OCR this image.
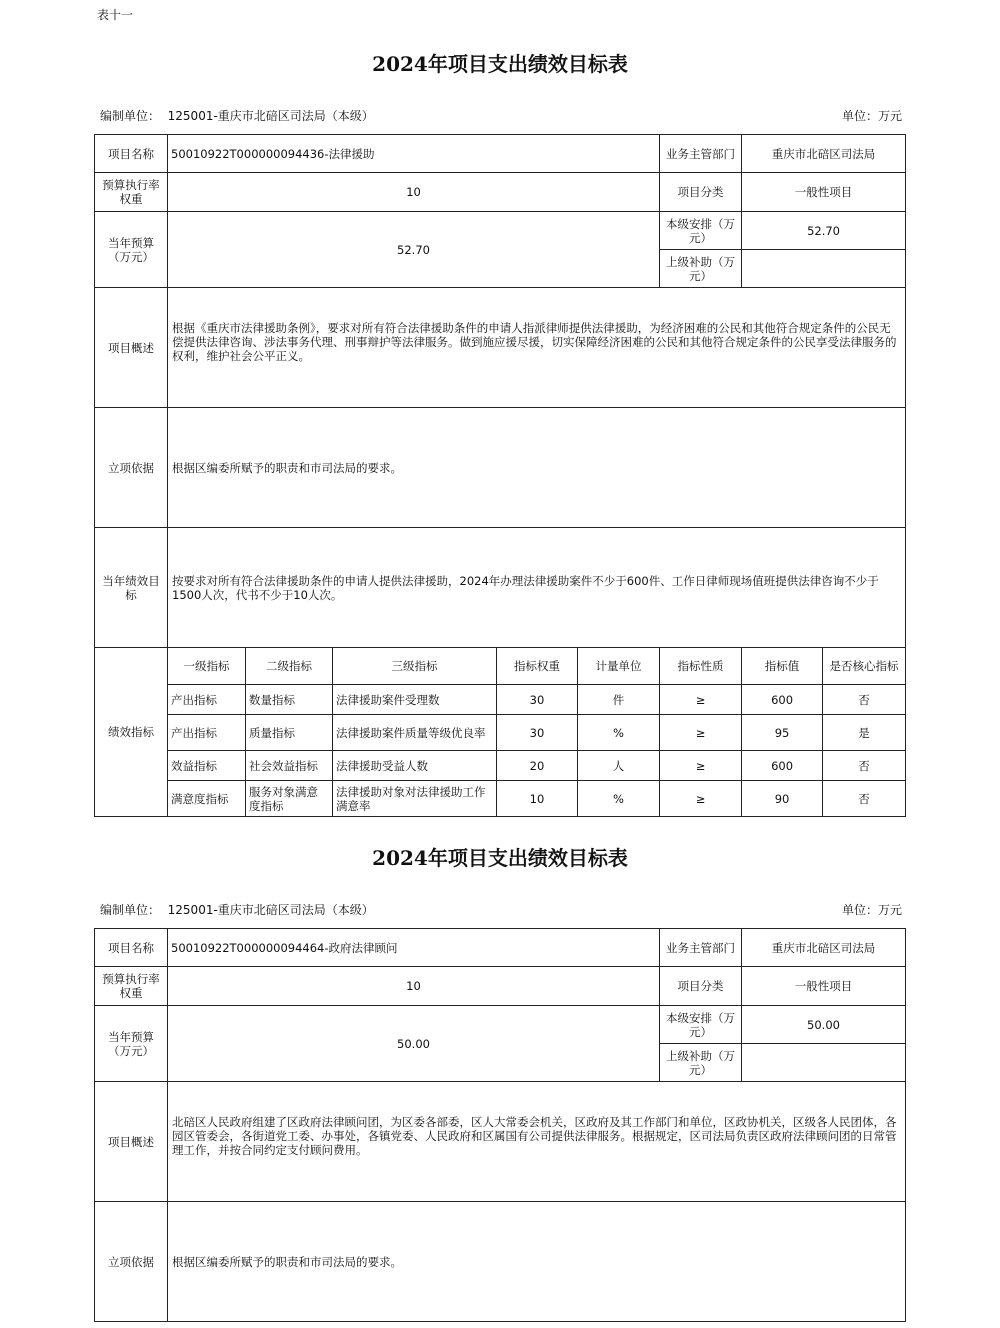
表十一
2024年项目支出绩效目标表
编制单位： 125001-重庆市北碚区司法局（本级）	单位：万元
项目名称	50010922T000000094436-法律援助					业务主管部门	重庆市北碚区司法局	
预算执行率权重	10					项目分类	一般性项目	
当年预算（万元）	52.70					本级安排（万元）	52.70	
						上级补助（万元）		
项目概述	根据《重庆市法律援助条例》，要求对所有符合法律援助条件的申请人指派律师提供法律援助，为经济困难的公民和其他符合规定条件的公民无偿提供法律咨询、涉法事务代理、刑事辩护等法律服务。做到施应援尽援，切实保障经济困难的公民和其他符合规定条件的公民享受法律服务的权利，维护社会公平正义。							
立项依据	根据区编委所赋予的职责和市司法局的要求。							
当年绩效目标	按要求对所有符合法律援助条件的申请人提供法律援助，2024年办理法律援助案件不少于600件、工作日律师现场值班提供法律咨询不少于1500人次，代书不少于10人次。							
绩效指标	一级指标	二级指标	三级指标	指标权重	计量单位	指标性质	指标值	是否核心指标
	产出指标	数量指标	法律援助案件受理数	30	件	≥	600	否
	产出指标	质量指标	法律援助案件质量等级优良率	30	%	≥	95	是
	效益指标	社会效益指标	法律援助受益人数	20	人	≥	600	否
	满意度指标	服务对象满意度指标	法律援助对象对法律援助工作满意率	10	%	≥	90	否
2024年项目支出绩效目标表
编制单位： 125001-重庆市北碚区司法局（本级）	单位：万元
项目名称	50010922T000000094464-政府法律顾问	业务主管部门	重庆市北碚区司法局
预算执行率权重	10	项目分类	一般性项目
当年预算（万元）	50.00	本级安排（万元）	50.00
		上级补助（万元）	
项目概述	北碚区人民政府组建了区政府法律顾问团，为区委各部委，区人大常委会机关，区政府及其工作部门和单位，区政协机关，区级各人民团体，各园区管委会，各街道党工委、办事处，各镇党委、人民政府和区属国有公司提供法律服务。根据规定，区司法局负责区政府法律顾问团的日常管理工作，并按合同约定支付顾问费用。		
立项依据	根据区编委所赋予的职责和市司法局的要求。		
